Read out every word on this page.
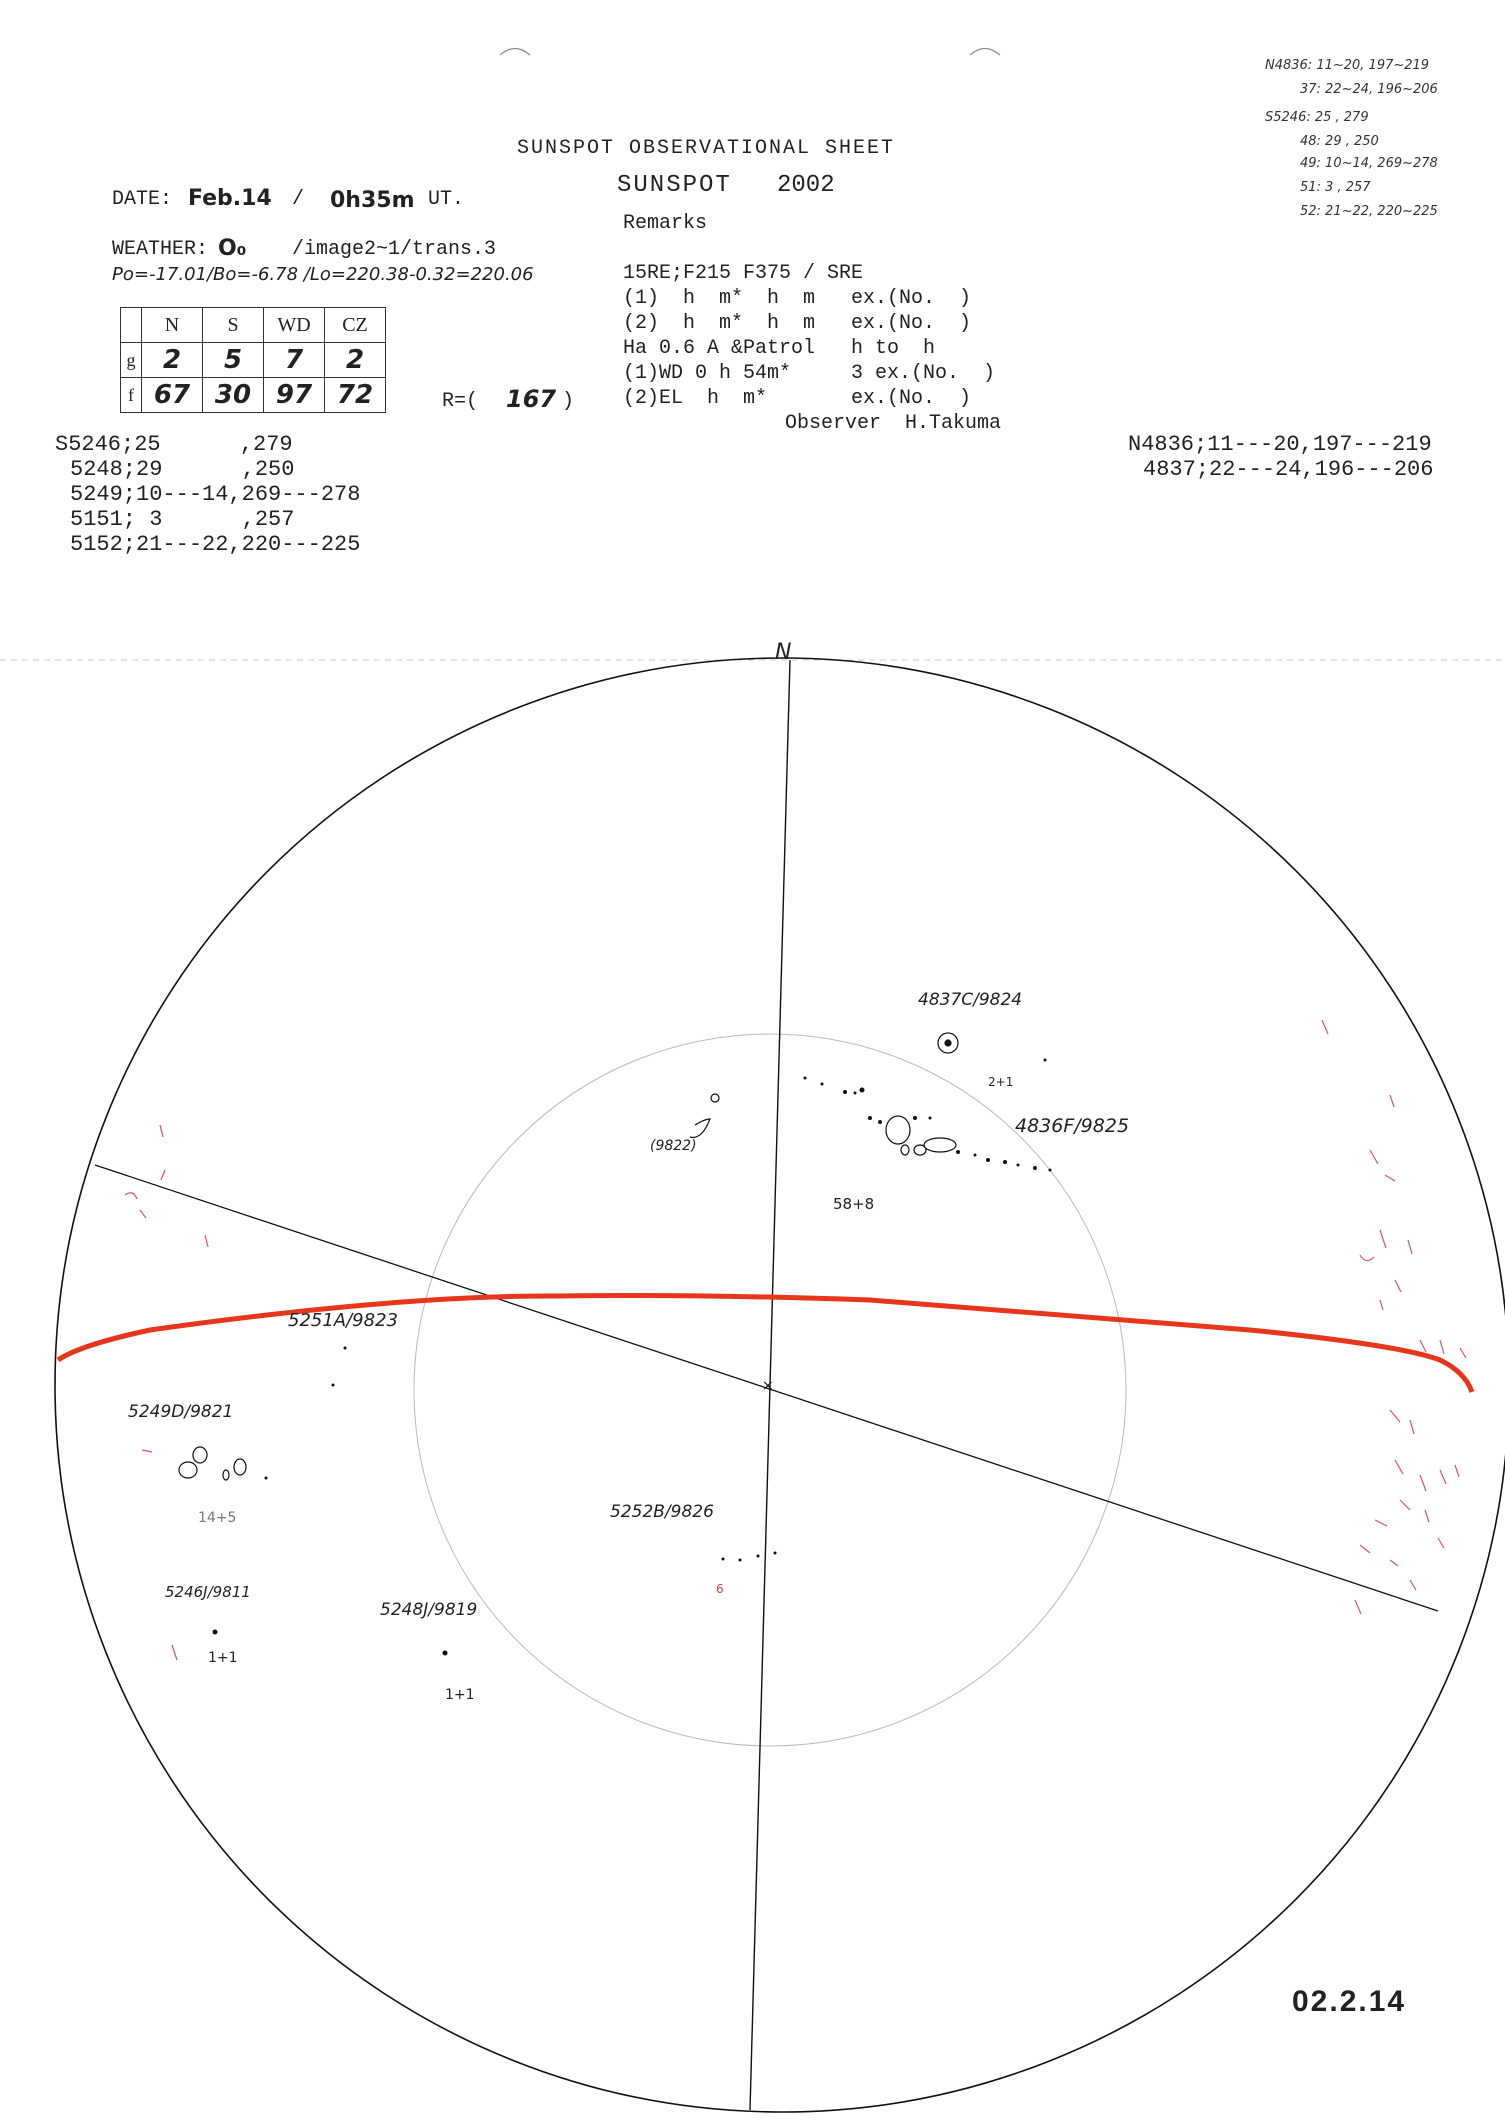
×
SUNSPOT OBSERVATIONAL SHEET
SUNSPOT 2002
Remarks
DATE: Feb.14 / 0h35m UT.
WEATHER: O₀ /image2~1/trans.3
Po=-17.01/Bo=-6.78 /Lo=220.38-0.32=220.06
	N	S	WD	CZ
g	2	5	7	2
f	67	30	97	72	R=( 167 )
15RE;F215 F375 / SRE
(1)  h  m*  h  m   ex.(No.  )
(2)  h  m*  h  m   ex.(No.  )
Ha 0.6 A &Patrol   h to  h
(1)WD 0 h 54m*     3 ex.(No.  )
(2)EL  h  m*       ex.(No.  )
Observer  H.Takuma
S5246;25      ,279
5248;29      ,250
5249;10---14,269---278
5151; 3      ,257
5152;21---22,220---225
N4836;11---20,197---219
4837;22---24,196---206
N4836: 11~20, 197~219
37: 22~24, 196~206
S5246: 25 , 279
48: 29 , 250
49: 10~14, 269~278
51: 3 , 257
52: 21~22, 220~225
N
4837C/9824
4836F/9825
(9822)
5251A/9823
5249D/9821
5252B/9826
5246J/9811
5248J/9819
2+1
58+8
14+5
6
1+1
1+1
02.2.14
